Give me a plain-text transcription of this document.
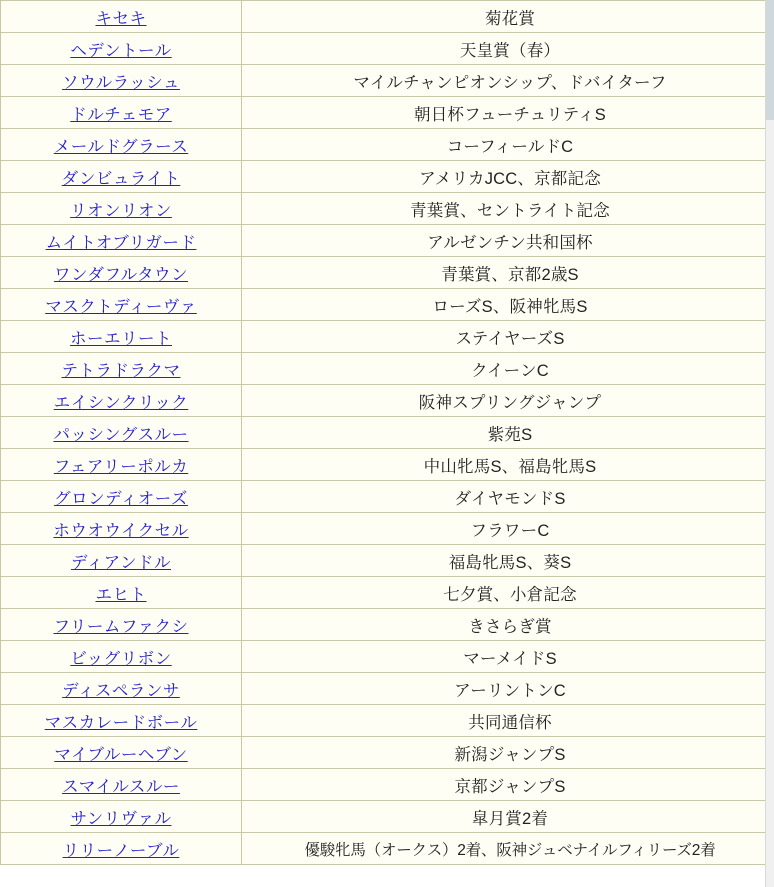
キセキ	菊花賞
ヘデントール	天皇賞（春）
ソウルラッシュ	マイルチャンピオンシップ、ドバイターフ
ドルチェモア	朝日杯フューチュリティS
メールドグラース	コーフィールドC
ダンビュライト	アメリカJCC、京都記念
リオンリオン	青葉賞、セントライト記念
ムイトオブリガード	アルゼンチン共和国杯
ワンダフルタウン	青葉賞、京都2歳S
マスクトディーヴァ	ローズS、阪神牝馬S
ホーエリート	ステイヤーズS
テトラドラクマ	クイーンC
エイシンクリック	阪神スプリングジャンプ
パッシングスルー	紫苑S
フェアリーポルカ	中山牝馬S、福島牝馬S
グロンディオーズ	ダイヤモンドS
ホウオウイクセル	フラワーC
ディアンドル	福島牝馬S、葵S
エヒト	七夕賞、小倉記念
フリームファクシ	きさらぎ賞
ビッグリボン	マーメイドS
ディスペランサ	アーリントンC
マスカレードボール	共同通信杯
マイブルーヘブン	新潟ジャンプS
スマイルスルー	京都ジャンプS
サンリヴァル	皐月賞2着
リリーノーブル	優駿牝馬（オークス）2着、阪神ジュベナイルフィリーズ2着
